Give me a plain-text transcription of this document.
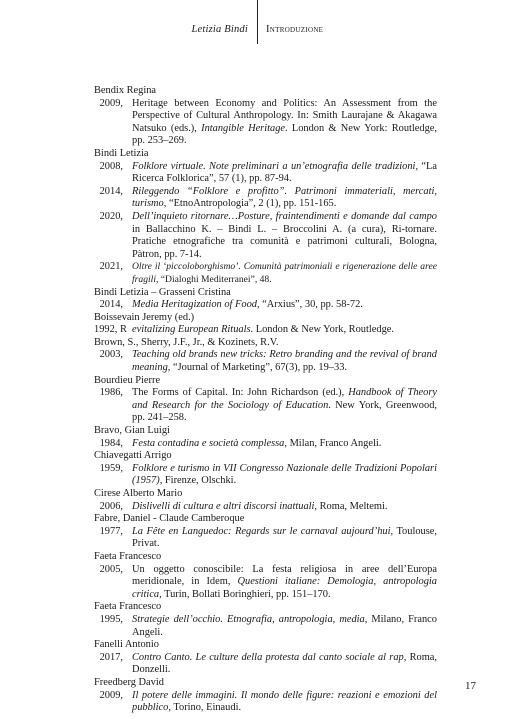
Letizia Bindi Introduzione
Bendix Regina
2009, Heritage between Economy and Politics: An Assessment from the Perspective of Cultural Anthropology. In: Smith Laurajane & Akagawa Natsuko (eds.), Intangible Heritage. London & New York: Routledge, pp. 253–269.
Bindi Letizia
2008, Folklore virtuale. Note preliminari a un’etnografia delle tradizioni, “La Ricerca Folklorica”, 57 (1), pp. 87-94.
2014, Rileggendo “Folklore e profitto”. Patrimoni immateriali, mercati, turismo, “EtnoAntropologia”, 2 (1), pp. 151-165.
2020, Dell’inquieto ritornare…Posture, fraintendimenti e domande dal campo in Ballacchino K. – Bindi L. – Broccolini A. (a cura), Ri-tornare. Pratiche etnografiche tra comunità e patrimoni culturali, Bologna, Pàtron, pp. 7-14.
2021, Oltre il ‘piccoloborghismo’. Comunità patrimoniali e rigenerazione delle aree fragili, “Dialoghi Mediterranei”, 48.
Bindi Letizia – Grasseni Cristina
2014, Media Heritagization of Food, “Arxius”, 30, pp. 58-72.
Boissevain Jeremy (ed.)
1992, R evitalizing European Rituals. London & New York, Routledge.
Brown, S., Sherry, J.F., Jr., & Kozinets, R.V.
2003, Teaching old brands new tricks: Retro branding and the revival of brand meaning, “Journal of Marketing”, 67(3), pp. 19–33.
Bourdieu Pierre
1986, The Forms of Capital. In: John Richardson (ed.), Handbook of Theory and Research for the Sociology of Education. New York, Greenwood, pp. 241–258.
Bravo, Gian Luigi
1984, Festa contadina e società complessa, Milan, Franco Angeli.
Chiavegatti Arrigo
1959, Folklore e turismo in VII Congresso Nazionale delle Tradizioni Popolari (1957), Firenze, Olschki.
Cirese Alberto Mario
2006, Dislivelli di cultura e altri discorsi inattuali, Roma, Meltemi.
Fabre, Daniel - Claude Camberoque
1977, La Fête en Languedoc: Regards sur le carnaval aujourd’hui, Toulouse, Privat.
Faeta Francesco
2005, Un oggetto conoscibile: La festa religiosa in aree dell’Europa meridionale, in Idem, Questioni italiane: Demologia, antropologia critica, Turin, Bollati Boringhieri, pp. 151–170.
Faeta Francesco
1995, Strategie dell’occhio. Etnografia, antropologia, media, Milano, Franco Angeli.
Fanelli Antonio
2017, Contro Canto. Le culture della protesta dal canto sociale al rap, Roma, Donzelli.
Freedberg David
2009, Il potere delle immagini. Il mondo delle figure: reazioni e emozioni del pubblico, Torino, Einaudi.
17
